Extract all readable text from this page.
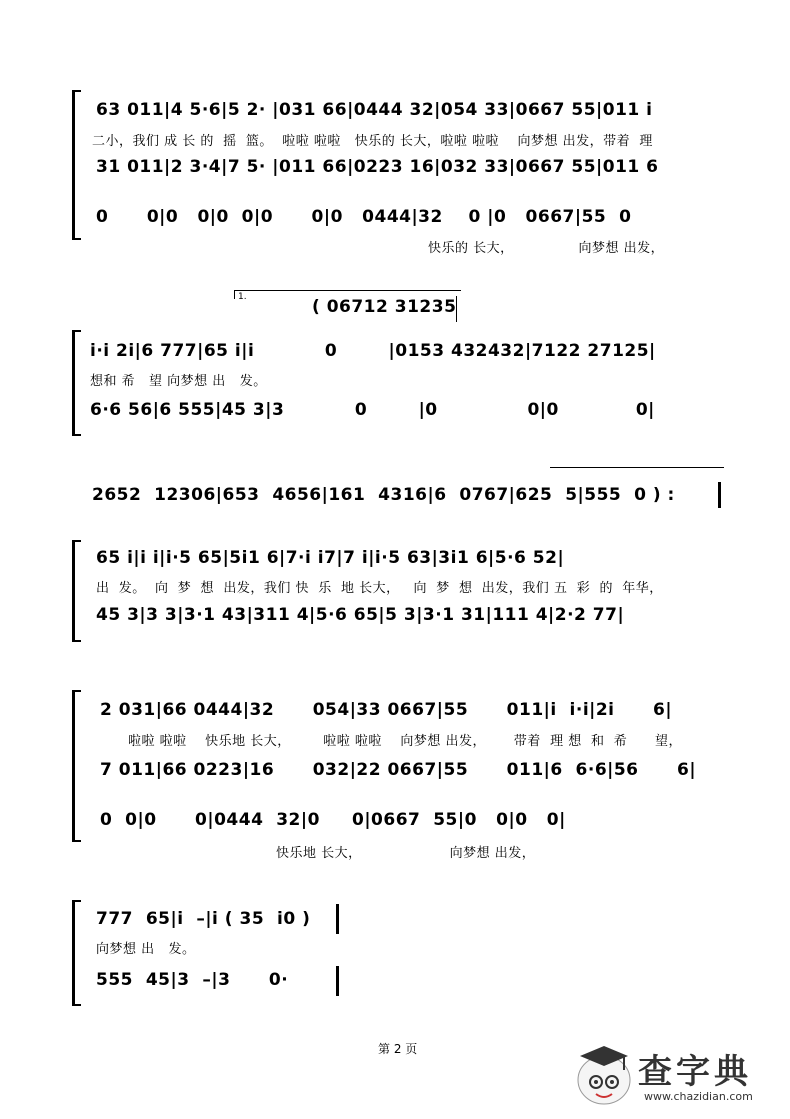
63 011|4 5·6|5 2· |031 66|0444 32|054 33|0667 55|011 i
二小，我们 成 长 的  摇  篮。  啦啦 啦啦   快乐的 长大，啦啦 啦啦    向梦想 出发，带着  理
31 011|2 3·4|7 5· |011 66|0223 16|032 33|0667 55|011 6
0      0|0   0|0  0|0      0|0   0444|32    0 |0   0667|55  0
快乐的 长大，              向梦想 出发，
1.	( 06712 31235
i·i 2i|6 777|65 i|i           0        |0153 432432|7122 27125|
想和 希   望 向梦想 出   发。
6·6 56|6 555|45 3|3           0        |0              0|0            0|
2652  12306|653  4656|161  4316|6  0767|625  5|555  0 ) :
65 i|i i|i·5 65|5i1 6|7·i i7|7 i|i·5 63|3i1 6|5·6 52|
出  发。  向  梦  想  出发，我们 快  乐  地 长大，   向  梦  想  出发，我们 五  彩  的  年华，
45 3|3 3|3·1 43|311 4|5·6 65|5 3|3·1 31|111 4|2·2 77|
2 031|66 0444|32      054|33 0667|55      011|i  i·i|2i      6|
啦啦 啦啦    快乐地 长大，       啦啦 啦啦    向梦想 出发，      带着  理 想  和  希      望，
7 011|66 0223|16      032|22 0667|55      011|6  6·6|56      6|
0  0|0      0|0444  32|0     0|0667  55|0   0|0   0|
快乐地 长大，                   向梦想 出发，
777  65|i  –|i ( 35  i0 )
向梦想 出   发。
555  45|3  –|3      0·
第 2 页
查字典
www.chazidian.com
